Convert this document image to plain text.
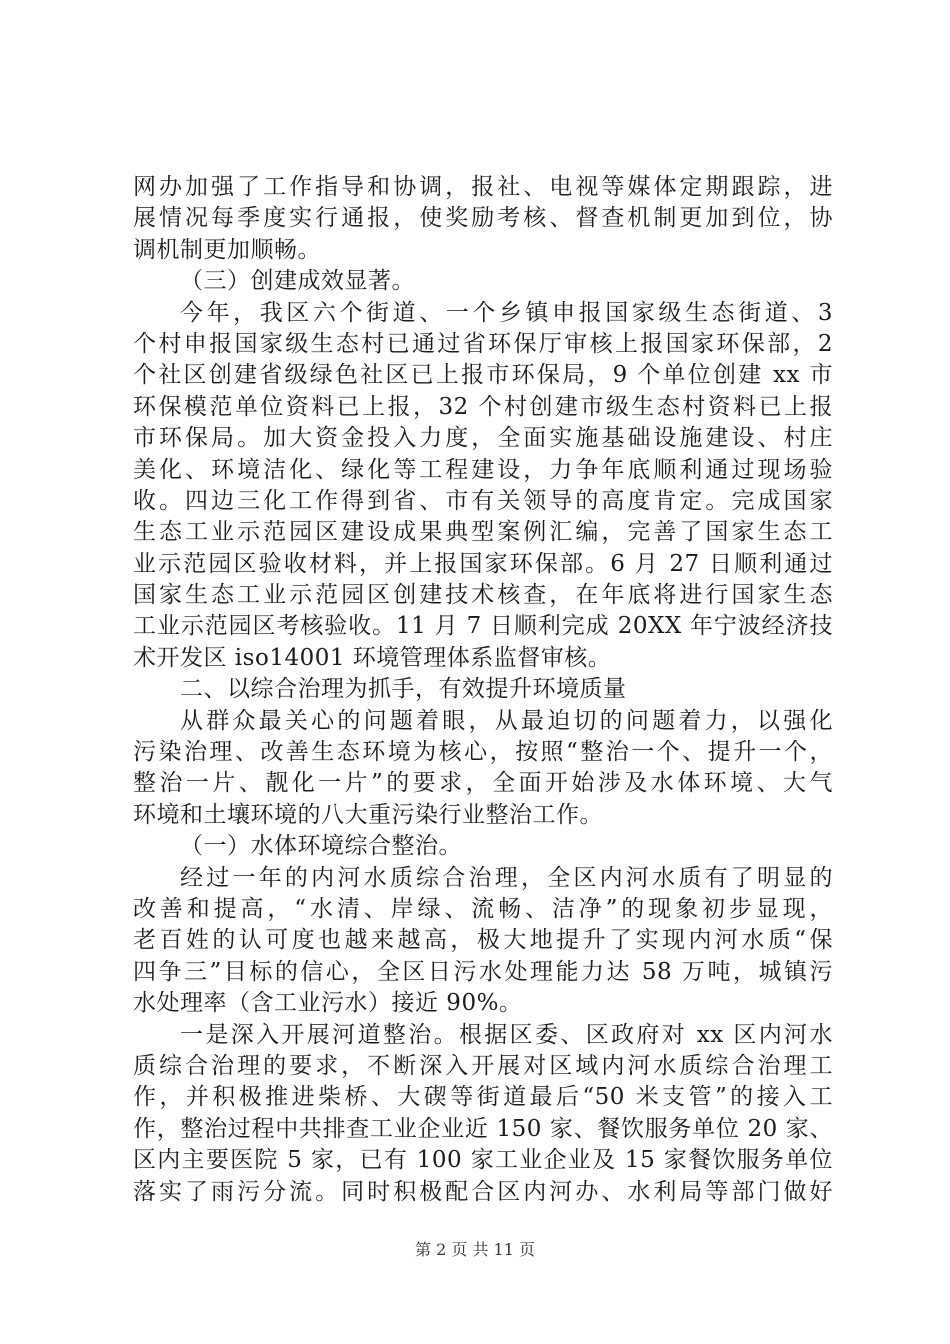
网办加强了工作指导和协调，报社、电视等媒体定期跟踪，进
展情况每季度实行通报，使奖励考核、督查机制更加到位，协
调机制更加顺畅。
（三）创建成效显著。
今年，我区六个街道、一个乡镇申报国家级生态街道、3
个村申报国家级生态村已通过省环保厅审核上报国家环保部，2
个社区创建省级绿色社区已上报市环保局，9 个单位创建 xx 市
环保模范单位资料已上报，32 个村创建市级生态村资料已上报
市环保局。加大资金投入力度，全面实施基础设施建设、村庄
美化、环境洁化、绿化等工程建设，力争年底顺利通过现场验
收。四边三化工作得到省、市有关领导的高度肯定。完成国家
生态工业示范园区建设成果典型案例汇编，完善了国家生态工
业示范园区验收材料，并上报国家环保部。6 月 27 日顺利通过
国家生态工业示范园区创建技术核查，在年底将进行国家生态
工业示范园区考核验收。11 月 7 日顺利完成 20XX 年宁波经济技
术开发区 iso14001 环境管理体系监督审核。
二、以综合治理为抓手，有效提升环境质量
从群众最关心的问题着眼，从最迫切的问题着力，以强化
污染治理、改善生态环境为核心，按照“整治一个、提升一个，
整治一片、靓化一片”的要求，全面开始涉及水体环境、大气
环境和土壤环境的八大重污染行业整治工作。
（一）水体环境综合整治。
经过一年的内河水质综合治理，全区内河水质有了明显的
改善和提高，“水清、岸绿、流畅、洁净”的现象初步显现，
老百姓的认可度也越来越高，极大地提升了实现内河水质“保
四争三”目标的信心，全区日污水处理能力达 58 万吨，城镇污
水处理率（含工业污水）接近 90%。
一是深入开展河道整治。根据区委、区政府对 xx 区内河水
质综合治理的要求，不断深入开展对区域内河水质综合治理工
作，并积极推进柴桥、大碶等街道最后“50 米支管”的接入工
作，整治过程中共排查工业企业近 150 家、餐饮服务单位 20 家、
区内主要医院 5 家，已有 100 家工业企业及 15 家餐饮服务单位
落实了雨污分流。同时积极配合区内河办、水利局等部门做好
第 2 页 共 11 页
